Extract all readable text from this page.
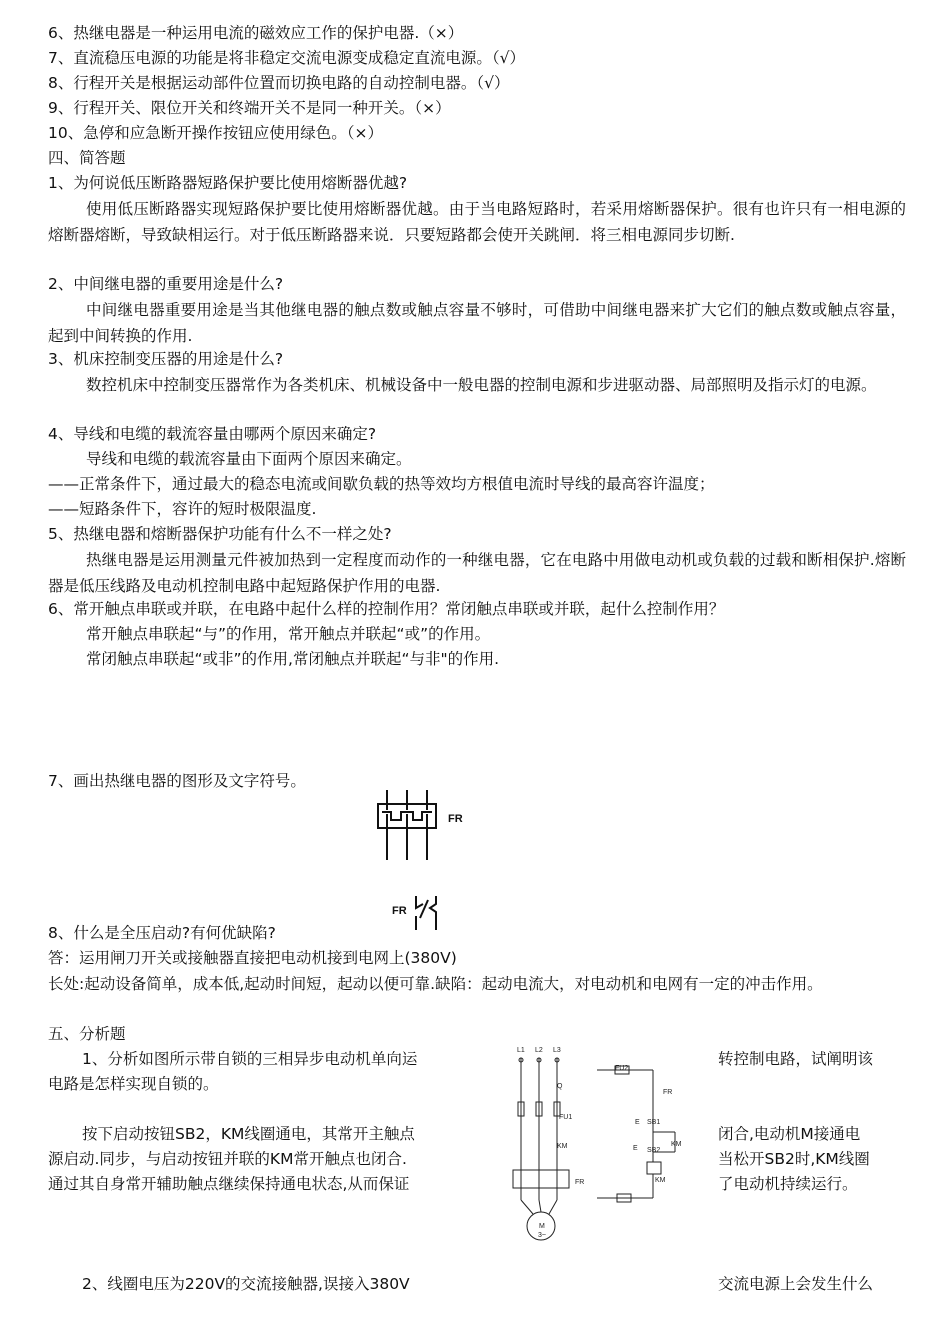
6、热继电器是一种运用电流的磁效应工作的保护电器.（×）
7、直流稳压电源的功能是将非稳定交流电源变成稳定直流电源。（√）
8、行程开关是根据运动部件位置而切换电路的自动控制电器。（√）
9、行程开关、限位开关和终端开关不是同一种开关。（×）
10、急停和应急断开操作按钮应使用绿色。（×）
四、简答题
1、为何说低压断路器短路保护要比使用熔断器优越?
使用低压断路器实现短路保护要比使用熔断器优越。由于当电路短路时，若采用熔断器保护。很有也许只有一相电源的熔断器熔断，导致缺相运行。对于低压断路器来说．只要短路都会使开关跳闸．将三相电源同步切断.
2、中间继电器的重要用途是什么?
中间继电器重要用途是当其他继电器的触点数或触点容量不够时，可借助中间继电器来扩大它们的触点数或触点容量，起到中间转换的作用.
3、机床控制变压器的用途是什么?
数控机床中控制变压器常作为各类机床、机械设备中一般电器的控制电源和步进驱动器、局部照明及指示灯的电源。
4、导线和电缆的载流容量由哪两个原因来确定?
导线和电缆的载流容量由下面两个原因来确定。
——正常条件下，通过最大的稳态电流或间歇负载的热等效均方根值电流时导线的最高容许温度；
——短路条件下，容许的短时极限温度.
5、热继电器和熔断器保护功能有什么不一样之处?
热继电器是运用测量元件被加热到一定程度而动作的一种继电器，它在电路中用做电动机或负载的过载和断相保护.熔断器是低压线路及电动机控制电路中起短路保护作用的电器.
6、常开触点串联或并联，在电路中起什么样的控制作用？常闭触点串联或并联，起什么控制作用？
常开触点串联起“与”的作用，常开触点并联起“或”的作用。
常闭触点串联起“或非”的作用,常闭触点并联起“与非"的作用.
7、画出热继电器的图形及文字符号。
FR
FR
8、什么是全压启动?有何优缺陷?
答：运用闸刀开关或接触器直接把电动机接到电网上(380V)
长处:起动设备简单，成本低,起动时间短，起动以便可靠.缺陷：起动电流大，对电动机和电网有一定的冲击作用。
五、分析题
1、分析如图所示带自锁的三相异步电动机单向运	转控制电路，试阐明该
电路是怎样实现自锁的。
按下启动按钮SB2，KM线圈通电，其常开主触点	闭合,电动机M接通电
源启动.同步，与启动按钮并联的KM常开触点也闭合.	当松开SB2时,KM线圈
通过其自身常开辅助触点继续保持通电状态,从而保证	了电动机持续运行。
L1 L2 L3
Q
FU1
KM
FR
FU2
FR
SB1
E
SB2
E
KM
KM
M
3~
2、线圈电压为220V的交流接触器,误接入380V	交流电源上会发生什么
